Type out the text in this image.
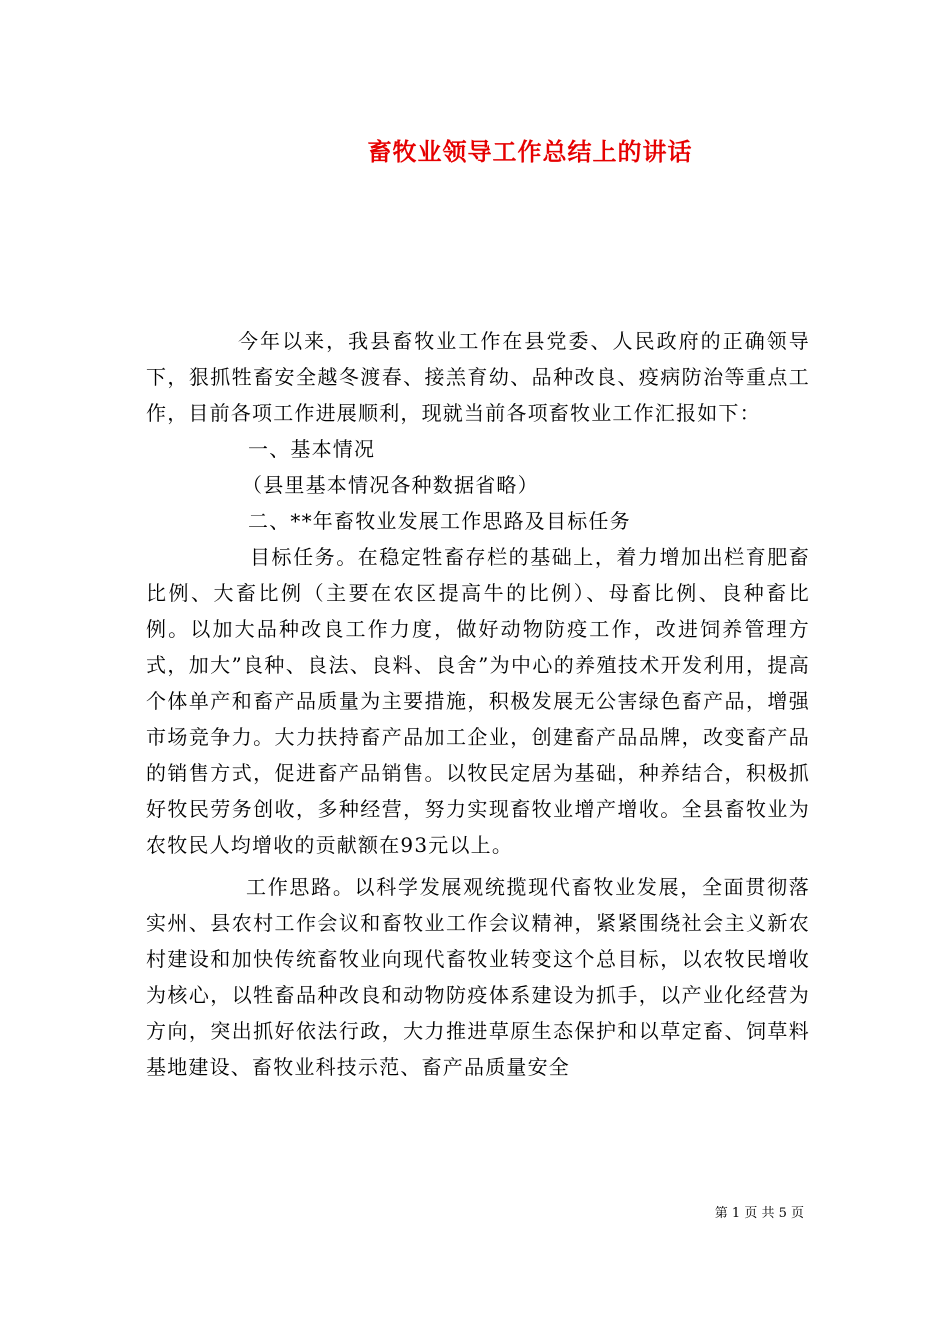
畜牧业领导工作总结上的讲话

今年以来，我县畜牧业工作在县党委、人民政府的正确领导下，狠抓牲畜安全越冬渡春、接羔育幼、品种改良、疫病防治等重点工作，目前各项工作进展顺利，现就当前各项畜牧业工作汇报如下：

一、基本情况

（县里基本情况各种数据省略）

二、**年畜牧业发展工作思路及目标任务

目标任务。在稳定牲畜存栏的基础上，着力增加出栏育肥畜比例、大畜比例（主要在农区提高牛的比例）、母畜比例、良种畜比例。以加大品种改良工作力度，做好动物防疫工作，改进饲养管理方式，加大”良种、良法、良料、良舍”为中心的养殖技术开发利用，提高个体单产和畜产品质量为主要措施，积极发展无公害绿色畜产品，增强市场竞争力。大力扶持畜产品加工企业，创建畜产品品牌，改变畜产品的销售方式，促进畜产品销售。以牧民定居为基础，种养结合，积极抓好牧民劳务创收，多种经营，努力实现畜牧业增产增收。全县畜牧业为农牧民人均增收的贡献额在93元以上。

工作思路。以科学发展观统揽现代畜牧业发展，全面贯彻落实州、县农村工作会议和畜牧业工作会议精神，紧紧围绕社会主义新农村建设和加快传统畜牧业向现代畜牧业转变这个总目标，以农牧民增收为核心，以牲畜品种改良和动物防疫体系建设为抓手，以产业化经营为方向，突出抓好依法行政，大力推进草原生态保护和以草定畜、饲草料基地建设、畜牧业科技示范、畜产品质量安全

第 1 页 共 5 页
